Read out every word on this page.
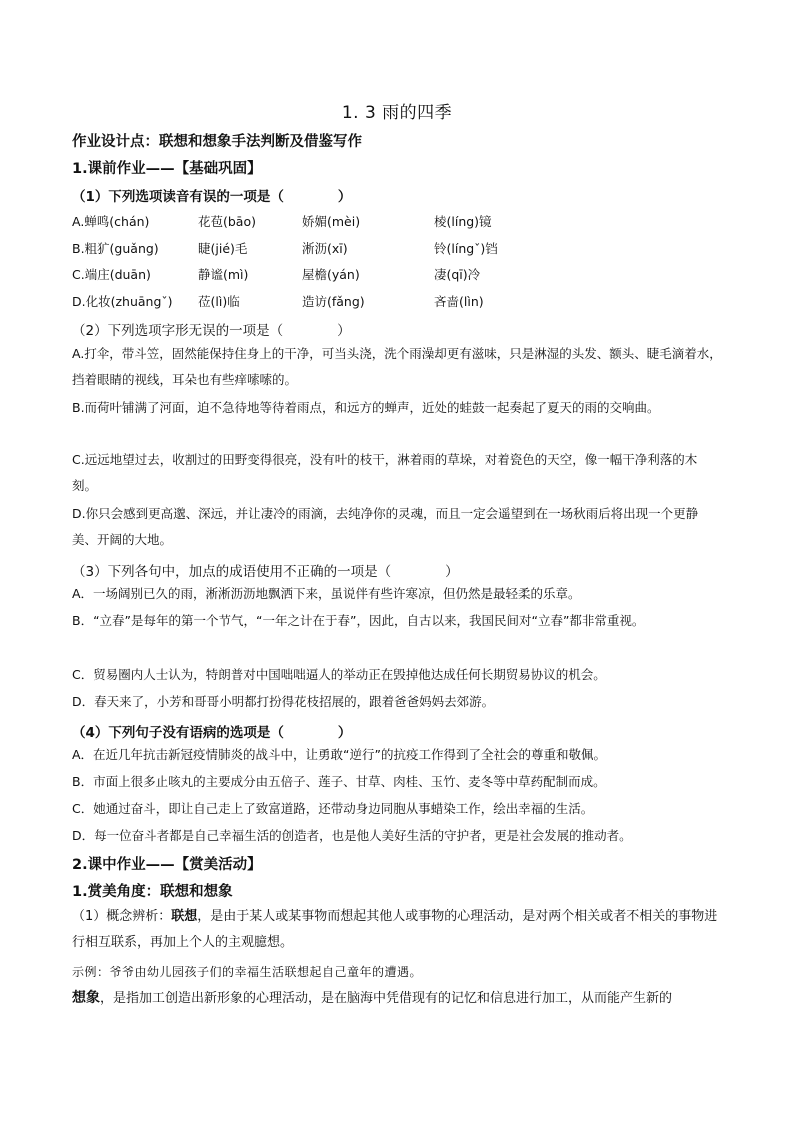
1. 3 雨的四季
作业设计点：联想和想象手法判断及借鉴写作
1.课前作业——【基础巩固】
（1）下列选项读音有误的一项是（　　　　）
A.蝉鸣(chán)	花苞(bāo)	娇媚(mèi)	棱(líng)镜
B.粗犷(guǎng)	睫(jié)毛	淅沥(xī)	铃(língˇ)铛
C.端庄(duān)	静谧(mì)	屋檐(yán)	凄(qī)冷
D.化妆(zhuāngˇ) 莅(lì)临	造访(fǎng)	吝啬(lìn)
（2）下列选项字形无误的一项是（　　　　）
A.打伞，带斗笠，固然能保持住身上的干净，可当头浇，洗个雨澡却更有滋味，只是淋湿的头发、额头、睫毛滴着水，挡着眼睛的视线，耳朵也有些痒嗦嗦的。
B.而荷叶铺满了河面，迫不急待地等待着雨点，和远方的蝉声，近处的蛙鼓一起奏起了夏天的雨的交响曲。
C.远远地望过去，收割过的田野变得很亮，没有叶的枝干，淋着雨的草垛，对着瓷色的天空，像一幅干净利落的木刻。
D.你只会感到更高邈、深远，并让凄冷的雨滴，去纯净你的灵魂，而且一定会遥望到在一场秋雨后将出现一个更静美、开阔的大地。
（3）下列各句中，加点的成语使用不正确的一项是（　　　　）
A．一场阔别已久的雨，淅淅沥沥地飘洒下来，虽说伴有些许寒凉，但仍然是最轻柔的乐章。
B．“立春”是每年的第一个节气，“一年之计在于春”，因此，自古以来，我国民间对“立春”都非常重视。
C．贸易圈内人士认为，特朗普对中国咄咄逼人的举动正在毁掉他达成任何长期贸易协议的机会。
D．春天来了，小芳和哥哥小明都打扮得花枝招展的，跟着爸爸妈妈去郊游。
（4）下列句子没有语病的选项是（　　　　）
A．在近几年抗击新冠疫情肺炎的战斗中，让勇敢“逆行”的抗疫工作得到了全社会的尊重和敬佩。
B．市面上很多止咳丸的主要成分由五倍子、莲子、甘草、肉桂、玉竹、麦冬等中草药配制而成。
C．她通过奋斗，即让自己走上了致富道路，还带动身边同胞从事蜡染工作，绘出幸福的生活。
D．每一位奋斗者都是自己幸福生活的创造者，也是他人美好生活的守护者，更是社会发展的推动者。
2.课中作业——【赏美活动】
1.赏美角度：联想和想象
（1）概念辨析：联想，是由于某人或某事物而想起其他人或事物的心理活动，是对两个相关或者不相关的事物进行相互联系，再加上个人的主观臆想。
示例：爷爷由幼儿园孩子们的幸福生活联想起自己童年的遭遇。
想象，是指加工创造出新形象的心理活动，是在脑海中凭借现有的记忆和信息进行加工，从而能产生新的
